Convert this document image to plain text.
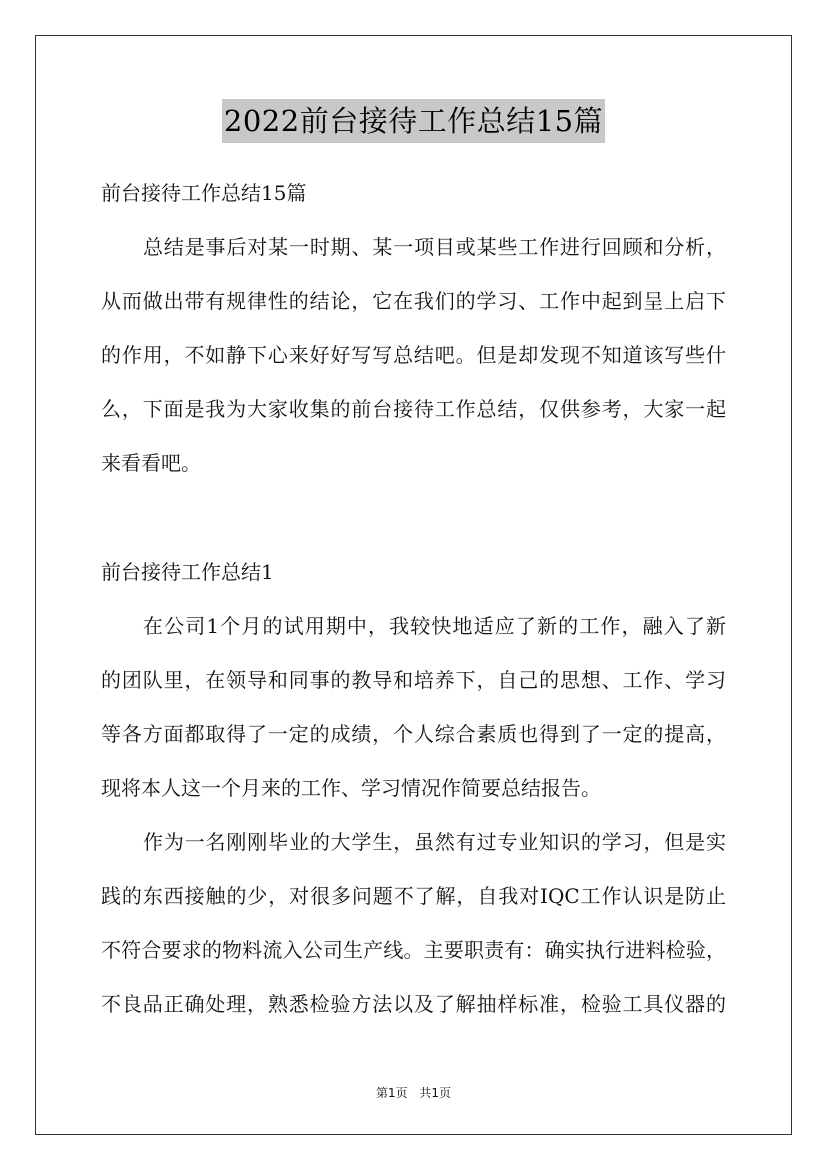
2022前台接待工作总结15篇
前台接待工作总结15篇
总结是事后对某一时期、某一项目或某些工作进行回顾和分析，
从而做出带有规律性的结论，它在我们的学习、工作中起到呈上启下
的作用，不如静下心来好好写写总结吧。但是却发现不知道该写些什
么，下面是我为大家收集的前台接待工作总结，仅供参考，大家一起
来看看吧。
前台接待工作总结1
在公司1个月的试用期中，我较快地适应了新的工作，融入了新
的团队里，在领导和同事的教导和培养下，自己的思想、工作、学习
等各方面都取得了一定的成绩，个人综合素质也得到了一定的提高，
现将本人这一个月来的工作、学习情况作简要总结报告。
作为一名刚刚毕业的大学生，虽然有过专业知识的学习，但是实
践的东西接触的少，对很多问题不了解，自我对IQC工作认识是防止
不符合要求的物料流入公司生产线。主要职责有：确实执行进料检验，
不良品正确处理，熟悉检验方法以及了解抽样标准，检验工具仪器的
第1页 共1页
